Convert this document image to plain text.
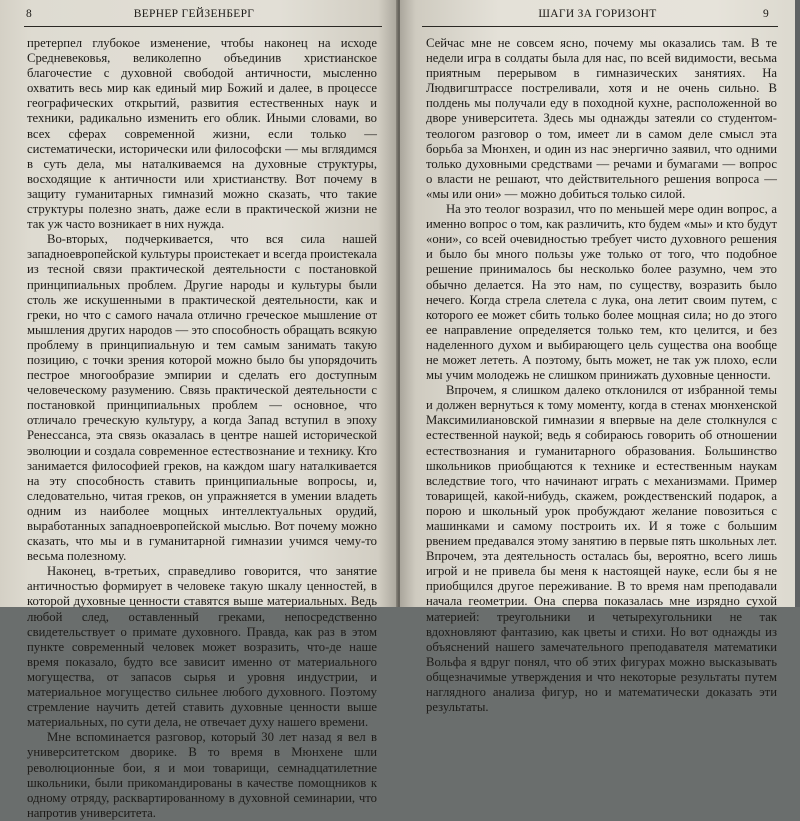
8	ВЕРНЕР ГЕЙЗЕНБЕРГ

претерпел глубокое изменение, чтобы наконец на исходе Средневековья, великолепно объединив христианское благочестие с духовной свободой античности, мысленно охватить весь мир как единый мир Божий и далее, в процессе географических открытий, развития естественных наук и техники, радикально изменить его облик. Иными словами, во всех сферах современной жизни, если только — систематически, исторически или философски — мы вглядимся в суть дела, мы наталкиваемся на духовные структуры, восходящие к античности или христианству. Вот почему в защиту гуманитарных гимназий можно сказать, что такие структуры полезно знать, даже если в практической жизни не так уж часто возникает в них нужда.

Во-вторых, подчеркивается, что вся сила нашей западноевропейской культуры проистекает и всегда проистекала из тесной связи практической деятельности с постановкой принципиальных проблем. Другие народы и культуры были столь же искушенными в практической деятельности, как и греки, но что с самого начала отлично греческое мышление от мышления других народов — это способность обращать всякую проблему в принципиальную и тем самым занимать такую позицию, с точки зрения которой можно было бы упорядочить пестрое многообразие эмпирии и сделать его доступным человеческому разумению. Связь практической деятельности с постановкой принципиальных проблем — основное, что отличало греческую культуру, а когда Запад вступил в эпоху Ренессанса, эта связь оказалась в центре нашей исторической эволюции и создала современное естествознание и технику. Кто занимается философией греков, на каждом шагу наталкивается на эту способность ставить принципиальные вопросы, и, следовательно, читая греков, он упражняется в умении владеть одним из наиболее мощных интеллектуальных орудий, выработанных западноевропейской мыслью. Вот почему можно сказать, что мы и в гуманитарной гимназии учимся чему-то весьма полезному.

Наконец, в-третьих, справедливо говорится, что занятие античностью формирует в человеке такую шкалу ценностей, в которой духовные ценности ставятся выше материальных. Ведь любой след, оставленный греками, непосредственно свидетельствует о примате духовного. Правда, как раз в этом пункте современный человек может возразить, что-де наше время показало, будто все зависит именно от материального могущества, от запасов сырья и уровня индустрии, и материальное могущество сильнее любого духовного. Поэтому стремление научить детей ставить духовные ценности выше материальных, по сути дела, не отвечает духу нашего времени.

Мне вспоминается разговор, который 30 лет назад я вел в университетском дворике. В то время в Мюнхене шли революционные бои, я и мои товарищи, семнадцатилетние школьники, были прикомандированы в качестве помощников к одному отряду, расквартированному в духовной семинарии, что напротив университета.

ШАГИ ЗА ГОРИЗОНТ	9

Сейчас мне не совсем ясно, почему мы оказались там. В те недели игра в солдаты была для нас, по всей видимости, весьма приятным перерывом в гимназических занятиях. На Людвигштрассе постреливали, хотя и не очень сильно. В полдень мы получали еду в походной кухне, расположенной во дворе университета. Здесь мы однажды затеяли со студентом-теологом разговор о том, имеет ли в самом деле смысл эта борьба за Мюнхен, и один из нас энергично заявил, что одними только духовными средствами — речами и бумагами — вопрос о власти не решают, что действительного решения вопроса — «мы или они» — можно добиться только силой.

На это теолог возразил, что по меньшей мере один вопрос, а именно вопрос о том, как различить, кто будем «мы» и кто будут «они», со всей очевидностью требует чисто духовного решения и было бы много пользы уже только от того, что подобное решение принималось бы несколько более разумно, чем это обычно делается. На это нам, по существу, возразить было нечего. Когда стрела слетела с лука, она летит своим путем, с которого ее может сбить только более мощная сила; но до этого ее направление определяется только тем, кто целится, и без наделенного духом и выбирающего цель существа она вообще не может лететь. А поэтому, быть может, не так уж плохо, если мы учим молодежь не слишком принижать духовные ценности.

Впрочем, я слишком далеко отклонился от избранной темы и должен вернуться к тому моменту, когда в стенах мюнхенской Максимилиановской гимназии я впервые на деле столкнулся с естественной наукой; ведь я собираюсь говорить об отношении естествознания и гуманитарного образования. Большинство школьников приобщаются к технике и естественным наукам вследствие того, что начинают играть с механизмами. Пример товарищей, какой-нибудь, скажем, рождественский подарок, а порою и школьный урок пробуждают желание повозиться с машинками и самому построить их. И я тоже с большим рвением предавался этому занятию в первые пять школьных лет. Впрочем, эта деятельность осталась бы, вероятно, всего лишь игрой и не привела бы меня к настоящей науке, если бы я не приобщился другое переживание. В то время нам преподавали начала геометрии. Она сперва показалась мне изрядно сухой материей: треугольники и четырехугольники не так вдохновляют фантазию, как цветы и стихи. Но вот однажды из объяснений нашего замечательного преподавателя математики Вольфа я вдруг понял, что об этих фигурах можно высказывать общезначимые утверждения и что некоторые результаты путем наглядного анализа фигур, но и математически доказать эти результаты.
